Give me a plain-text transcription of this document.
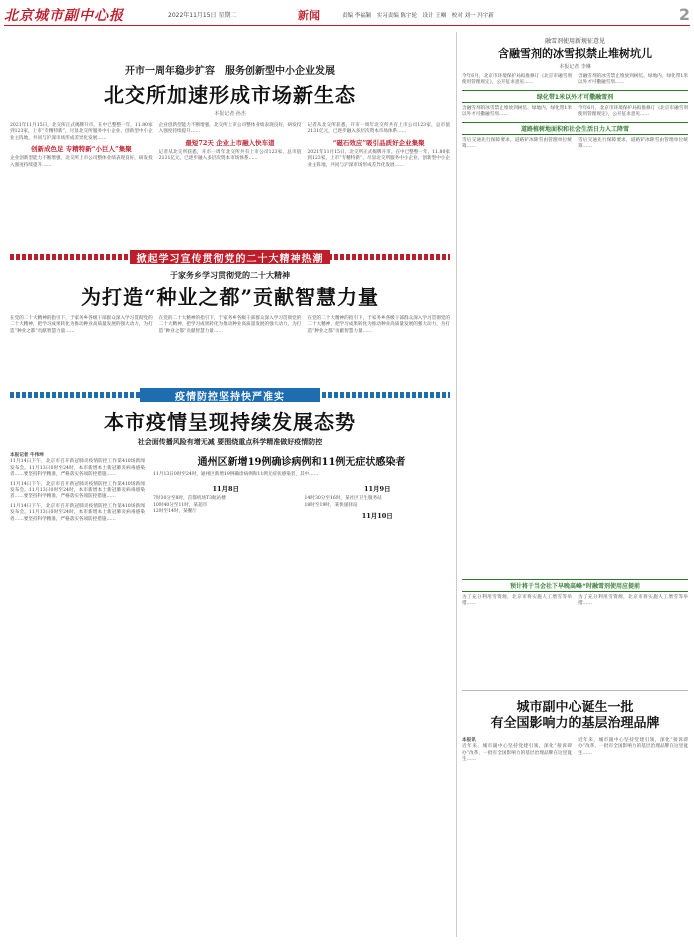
北京城市副中心报	2022年11月15日 星期二	新闻	责编 李福颖　实习责编 陈宇轮　设计 王帼　校对 刘一 冯宇新	2
开市一周年稳步扩容　服务创新型中小企业发展
北交所加速形成市场新生态
本报记者 孙杰
2021年11月15日，北交所正式揭牌开市。在中已整整一年，11.80家到123家，上市“专精特新”，尽显北交所服务中小企业、创新型中小企业主阵地，共同与沪深市场形成差异化发展……
创新成色足 专精特新“小巨人”集聚
企业创新型能力不断增强，北交所上市公司整体业绩表现良好，研发投入强度持续提升……
企业创新型能力不断增强，北交所上市公司整体业绩表现良好，研发投入强度持续提升……
最短72天 企业上市融入快车道
记者从北交所获悉，开市一周年北交所共有上市公司123家，总市值2131亿元，已逐步融入多层次资本市场体系……
记者从北交所获悉，开市一周年北交所共有上市公司123家，总市值2131亿元，已逐步融入多层次资本市场体系……
“磁石效应”吸引品质好企业集聚
2021年11月15日，北交所正式揭牌开市。在中已整整一年，11.80家到123家，上市“专精特新”，尽显北交所服务中小企业、创新型中小企业主阵地，共同与沪深市场形成差异化发展……
掀起学习宣传贯彻党的二十大精神热潮
于家务乡学习贯彻党的二十大精神
为打造“种业之都”贡献智慧力量
在党的二十大精神的指引下，于家务乡各级干部群众深入学习贯彻党的二十大精神，把学习成果转化为推动种业高质量发展的强大动力，为打造“种业之都”贡献智慧力量……
在党的二十大精神的指引下，于家务乡各级干部群众深入学习贯彻党的二十大精神，把学习成果转化为推动种业高质量发展的强大动力，为打造“种业之都”贡献智慧力量……
在党的二十大精神的指引下，于家务乡各级干部群众深入学习贯彻党的二十大精神，把学习成果转化为推动种业高质量发展的强大动力，为打造“种业之都”贡献智慧力量……
疫情防控坚持快严准实
本市疫情呈现持续发展态势
社会面传播风险有增无减 要围绕重点科学精准做好疫情防控
本报记者 牛伟坤
11月14日下午，北京市召开新冠肺炎疫情防控工作第410场新闻发布会。11月13日0时至24时，本市新增本土新冠肺炎病毒感染者……要坚持科学精准，严格落实各项防控措施……
11月14日下午，北京市召开新冠肺炎疫情防控工作第410场新闻发布会。11月13日0时至24时，本市新增本土新冠肺炎病毒感染者……要坚持科学精准，严格落实各项防控措施……
11月14日下午，北京市召开新冠肺炎疫情防控工作第410场新闻发布会。11月13日0时至24时，本市新增本土新冠肺炎病毒感染者……要坚持科学精准，严格落实各项防控措施……
通州区新增19例确诊病例和11例无症状感染者
11月13日0时至24时，通州区新增19例确诊病例和11例无症状感染者，其中……
11月8日
7时30分至8时，首都机场T3航站楼
10时40分至11时，某超市
12时至14时，某餐厅
11月9日
14时30分至16时，某社区卫生服务站
18时至19时，某快递驿站
11月10日
融雪剂使用新规征意见
含融雪剂的冰雪拟禁止堆树坑儿
本报记者 李琳
今年6月，北京市环境保护局拟推修订《北京市融雪剂使用管理规定》，公开征求意见……
含融雪剂的冰雪禁止堆放到树坑、绿地内，绿化带1米以外才可撒融雪剂……
绿化带1米以外才可撒融雪剂
含融雪剂的冰雪禁止堆放到树坑、绿地内，绿化带1米以外才可撒融雪剂……
今年6月，北京市环境保护局拟推修订《北京市融雪剂使用管理规定》，公开征求意见……
道路植树地面积和社会生活日力人工降雪
雪后交通先行保障要求，道路铲冰除雪由管理单位统筹……
雪后交通先行保障要求，道路铲冰除雪由管理单位统筹……
预计将于当会社下早晚高峰“时融雪剂使用应提前
为了充分利用雪资源，北京市将实施人工增雪等举措……
为了充分利用雪资源，北京市将实施人工增雪等举措……
城市副中心诞生一批
有全国影响力的基层治理品牌
本报讯
近年来，城市副中心坚持党建引领，深化“接诉即办”改革，一批有全国影响力的基层治理品牌在这里诞生……
近年来，城市副中心坚持党建引领，深化“接诉即办”改革，一批有全国影响力的基层治理品牌在这里诞生……
